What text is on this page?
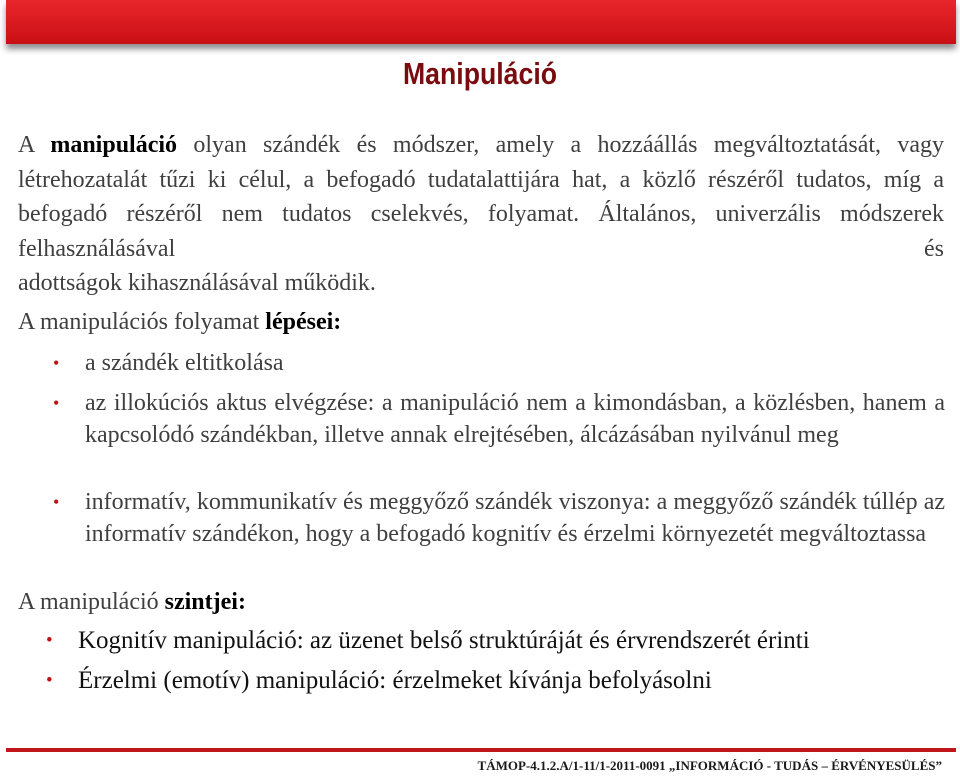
Manipuláció
A manipuláció olyan szándék és módszer, amely a hozzáállás megváltoztatását, vagy létrehozatalát tűzi ki célul, a befogadó tudatalattijára hat, a közlő részéről tudatos, míg a befogadó részéről nem tudatos cselekvés, folyamat. Általános, univerzális módszerek felhasználásával és
adottságok kihasználásával működik.
A manipulációs folyamat lépései:
• a szándék eltitkolása
• az illokúciós aktus elvégzése: a manipuláció nem a kimondásban, a közlésben, hanem a kapcsolódó szándékban, illetve annak elrejtésében, álcázásában nyilvánul meg
• informatív, kommunikatív és meggyőző szándék viszonya: a meggyőző szándék túllép az informatív szándékon, hogy a befogadó kognitív és érzelmi környezetét megváltoztassa
A manipuláció szintjei:
• Kognitív manipuláció: az üzenet belső struktúráját és érvrendszerét érinti
• Érzelmi (emotív) manipuláció: érzelmeket kívánja befolyásolni
TÁMOP-4.1.2.A/1-11/1-2011-0091 „INFORMÁCIÓ - TUDÁS – ÉRVÉNYESÜLÉS”
